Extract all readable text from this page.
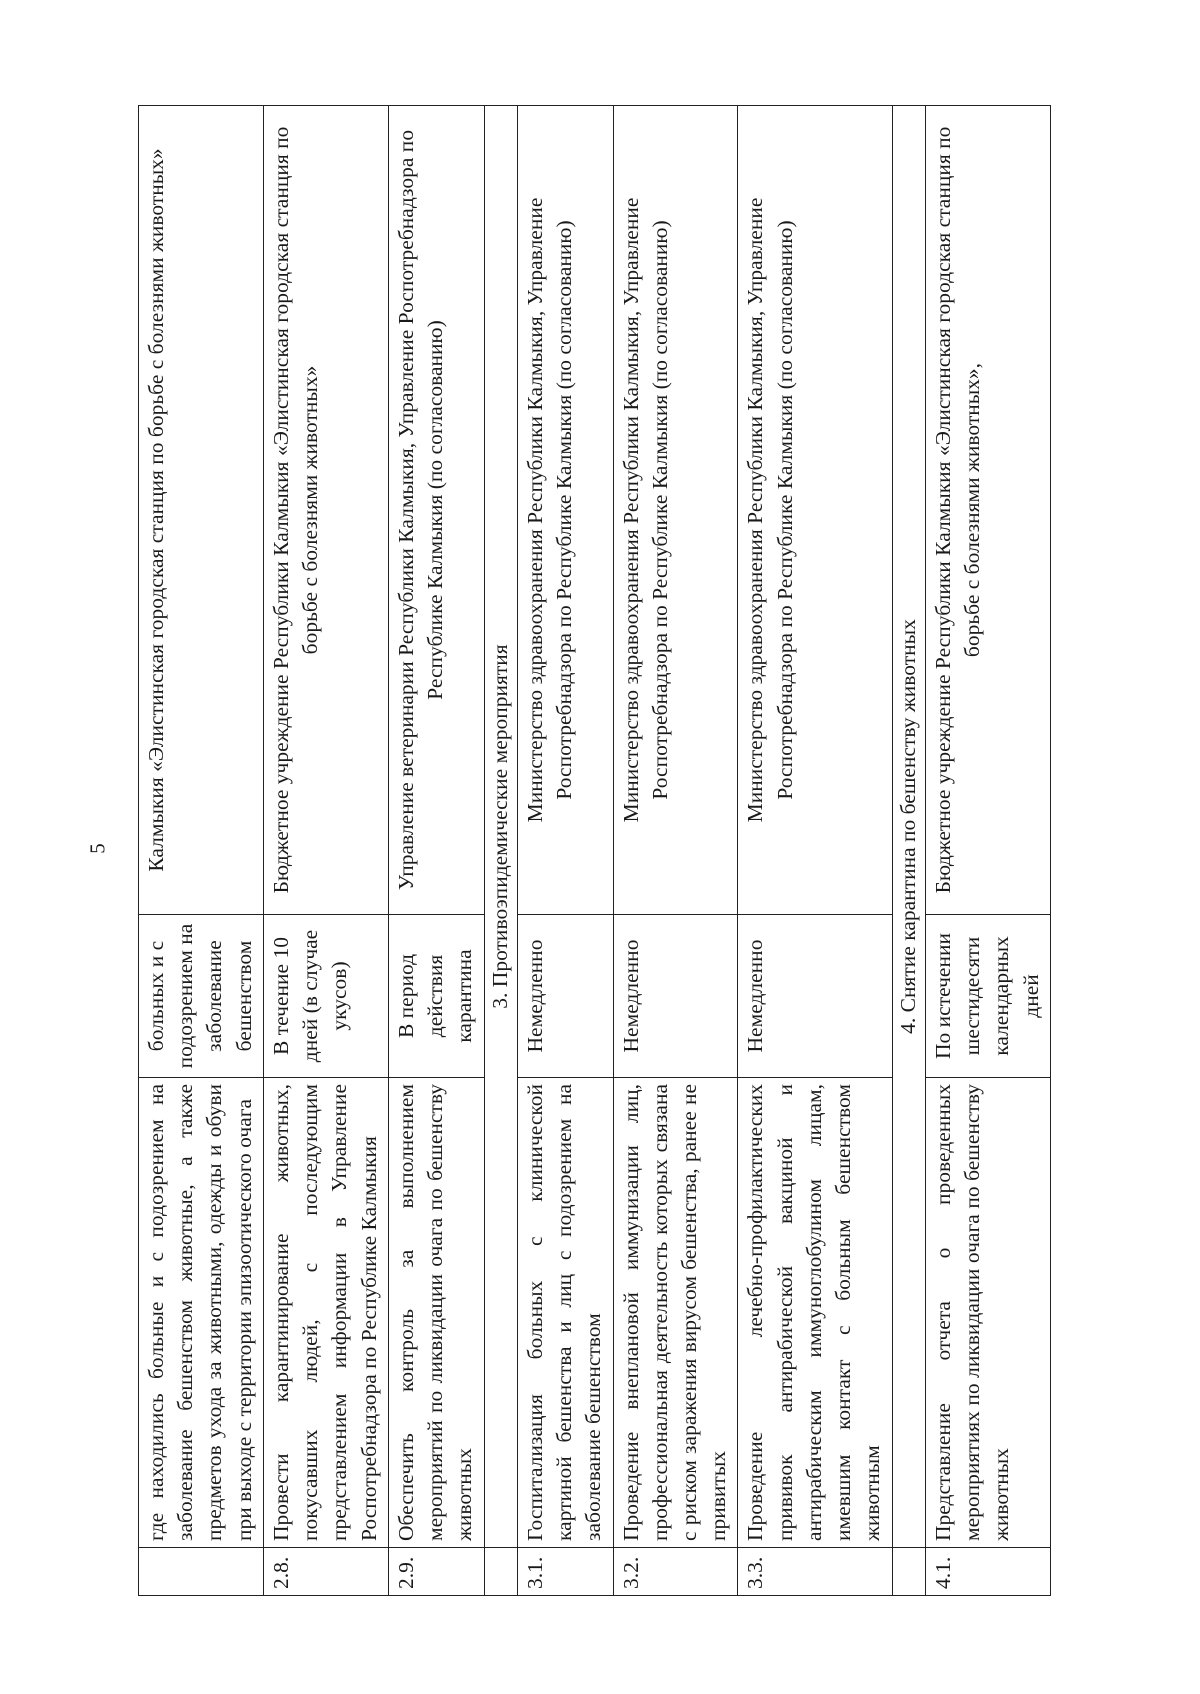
5
	где находились больные и с подозрением на заболевание бешенством животные, а также предметов ухода за животными, одежды и обуви при выходе с территории эпизоотического очага	больных и с подозрением на заболевание бешенством	Калмыкия «Элистинская городская станция по борьбе с болезнями животных»
2.8.	Провести карантинирование животных, покусавших людей, с последующим представлением информации в Управление Роспотребнадзора по Республике Калмыкия	В течение 10 дней (в случае укусов)	Бюджетное учреждение Республики Калмыкия «Элистинская городская станция по борьбе с болезнями животных»
2.9.	Обеспечить контроль за выполнением мероприятий по ликвидации очага по бешенству животных	В период действия карантина	Управление ветеринарии Республики Калмыкия, Управление Роспотребнадзора по Республике Калмыкия (по согласованию)
	3. Противоэпидемические мероприятия		
3.1.	Госпитализация больных с клинической картиной бешенства и лиц с подозрением на заболевание бешенством	Немедленно	Министерство здравоохранения Республики Калмыкия, Управление Роспотребнадзора по Республике Калмыкия (по согласованию)
3.2.	Проведение внеплановой иммунизации лиц, профессиональная деятельность которых связана с риском заражения вирусом бешенства, ранее не привитых	Немедленно	Министерство здравоохранения Республики Калмыкия, Управление Роспотребнадзора по Республике Калмыкия (по согласованию)
3.3.	Проведение лечебно-профилактических прививок антирабической вакциной и антирабическим иммуноглобулином лицам, имевшим контакт с больным бешенством животным	Немедленно	Министерство здравоохранения Республики Калмыкия, Управление Роспотребнадзора по Республике Калмыкия (по согласованию)
	4. Снятие карантина по бешенству животных		
4.1.	Представление отчета о проведенных мероприятиях по ликвидации очага по бешенству животных	По истечении шестидесяти календарных дней	Бюджетное учреждение Республики Калмыкия «Элистинская городская станция по борьбе с болезнями животных»,
